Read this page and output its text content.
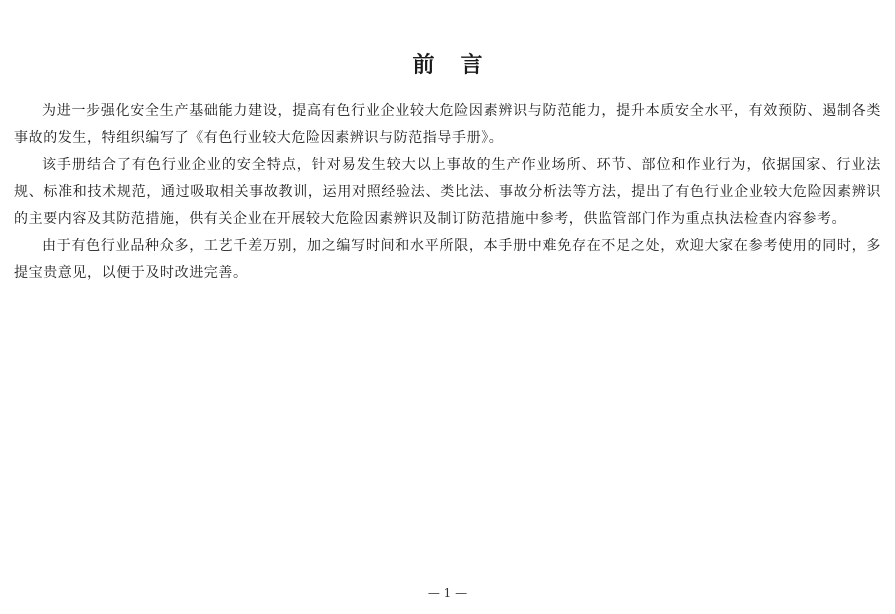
前言

为进一步强化安全生产基础能力建设，提高有色行业企业较大危险因素辨识与防范能力，提升本质安全水平，有效预防、遏制各类事故的发生，特组织编写了《有色行业较大危险因素辨识与防范指导手册》。

该手册结合了有色行业企业的安全特点，针对易发生较大以上事故的生产作业场所、环节、部位和作业行为，依据国家、行业法规、标准和技术规范，通过吸取相关事故教训，运用对照经验法、类比法、事故分析法等方法，提出了有色行业企业较大危险因素辨识的主要内容及其防范措施，供有关企业在开展较大危险因素辨识及制订防范措施中参考，供监管部门作为重点执法检查内容参考。

由于有色行业品种众多，工艺千差万别，加之编写时间和水平所限，本手册中难免存在不足之处，欢迎大家在参考使用的同时，多提宝贵意见，以便于及时改进完善。

— 1 —
